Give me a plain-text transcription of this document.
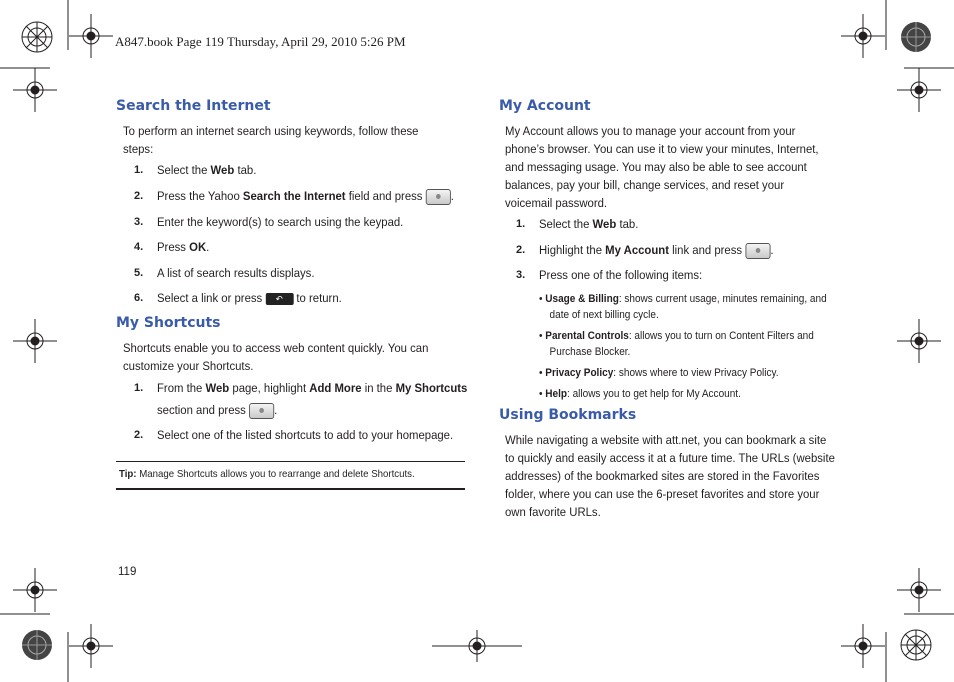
A847.book Page 119 Thursday, April 29, 2010 5:26 PM
Search the Internet
To perform an internet search using keywords, follow these
steps:
1. Select the Web tab.
2. Press the Yahoo Search the Internet field and press .
3. Enter the keyword(s) to search using the keypad.
4. Press OK.
5. A list of search results displays.
6. Select a link or press ↶ to return.
My Shortcuts
Shortcuts enable you to access web content quickly. You can
customize your Shortcuts.
1. From the Web page, highlight Add More in the My Shortcuts
section and press .
2. Select one of the listed shortcuts to add to your homepage.
Tip: Manage Shortcuts allows you to rearrange and delete Shortcuts.
119
My Account
My Account allows you to manage your account from your
phone’s browser. You can use it to view your minutes, Internet,
and messaging usage. You may also be able to see account
balances, pay your bill, change services, and reset your
voicemail password.
1. Select the Web tab.
2. Highlight the My Account link and press .
3. Press one of the following items:
• Usage & Billing: shows current usage, minutes remaining, and
date of next billing cycle.
• Parental Controls: allows you to turn on Content Filters and
Purchase Blocker.
• Privacy Policy: shows where to view Privacy Policy.
• Help: allows you to get help for My Account.
Using Bookmarks
While navigating a website with att.net, you can bookmark a site
to quickly and easily access it at a future time. The URLs (website
addresses) of the bookmarked sites are stored in the Favorites
folder, where you can use the 6-preset favorites and store your
own favorite URLs.
